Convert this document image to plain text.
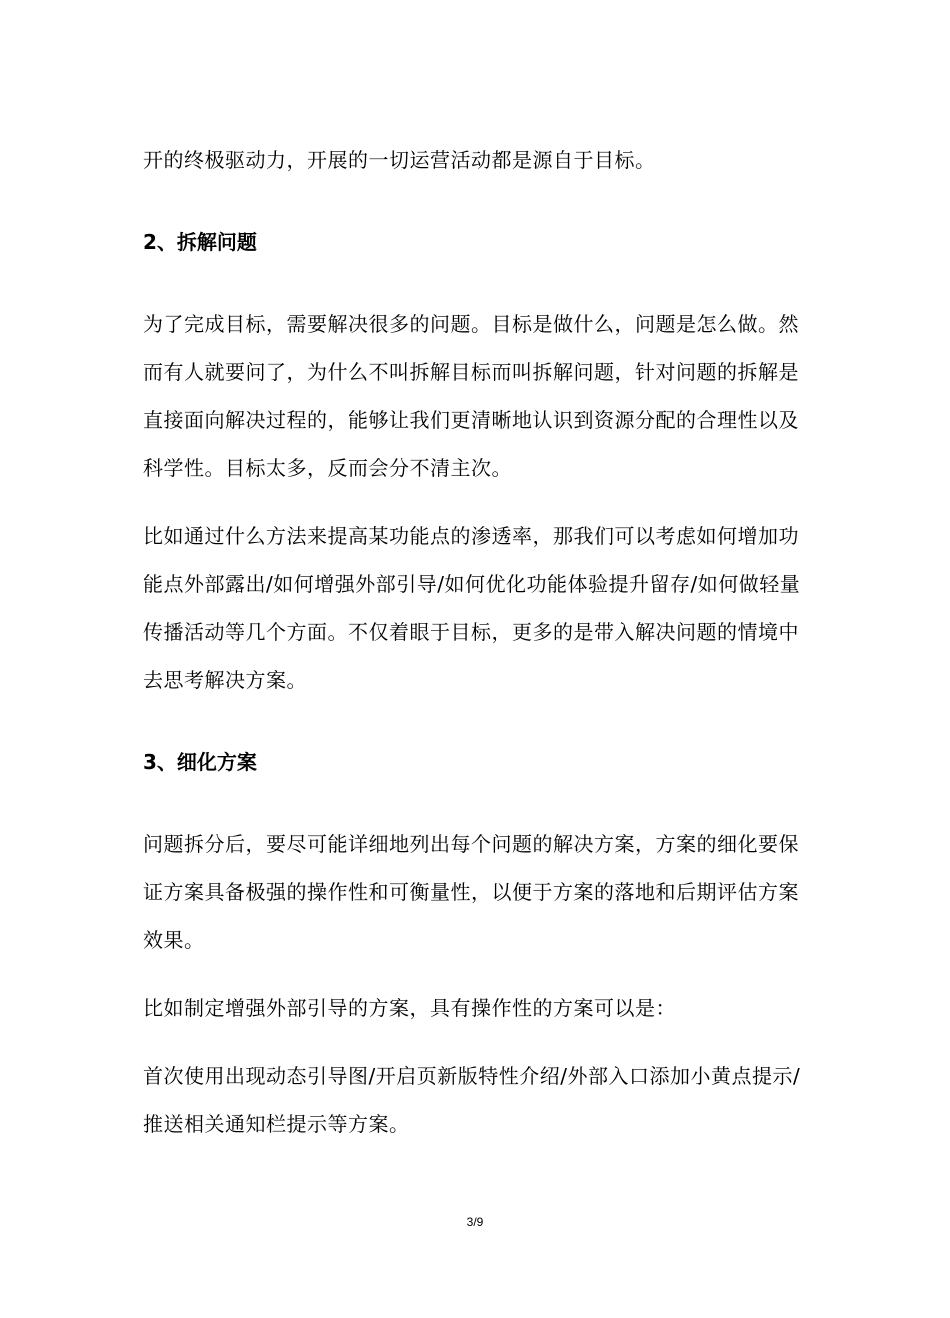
开的终极驱动力，开展的一切运营活动都是源自于目标。

2、拆解问题

为了完成目标，需要解决很多的问题。目标是做什么，问题是怎么做。然而有人就要问了，为什么不叫拆解目标而叫拆解问题，针对问题的拆解是直接面向解决过程的，能够让我们更清晰地认识到资源分配的合理性以及科学性。目标太多，反而会分不清主次。

比如通过什么方法来提高某功能点的渗透率，那我们可以考虑如何增加功能点外部露出/如何增强外部引导/如何优化功能体验提升留存/如何做轻量传播活动等几个方面。不仅着眼于目标，更多的是带入解决问题的情境中去思考解决方案。

3、细化方案

问题拆分后，要尽可能详细地列出每个问题的解决方案，方案的细化要保证方案具备极强的操作性和可衡量性，以便于方案的落地和后期评估方案效果。

比如制定增强外部引导的方案，具有操作性的方案可以是：

首次使用出现动态引导图/开启页新版特性介绍/外部入口添加小黄点提示/推送相关通知栏提示等方案。

3/9
